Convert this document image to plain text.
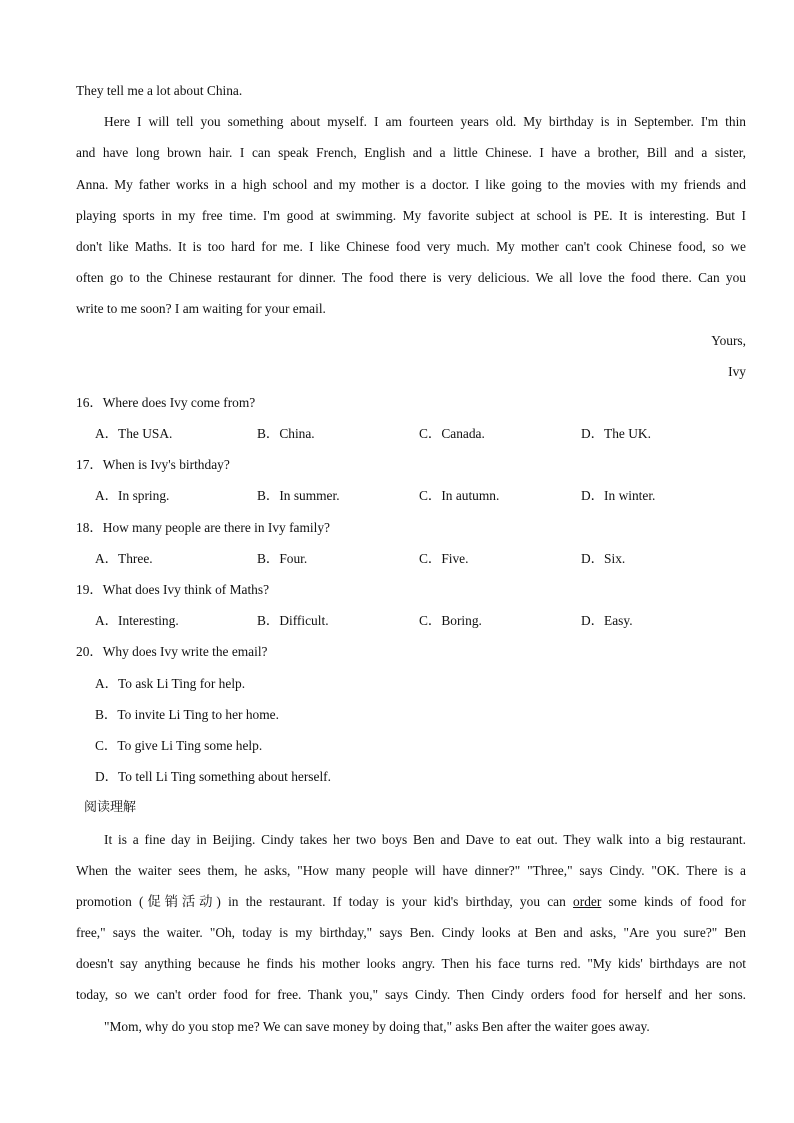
They tell me a lot about China.
Here I will tell you something about myself. I am fourteen years old. My birthday is in September. I'm thin
and have long brown hair. I can speak French, English and a little Chinese. I have a brother, Bill and a sister,
Anna. My father works in a high school and my mother is a doctor. I like going to the movies with my friends and
playing sports in my free time. I'm good at swimming. My favorite subject at school is PE. It is interesting. But I
don't like Maths. It is too hard for me. I like Chinese food very much. My mother can't cook Chinese food, so we
often go to the Chinese restaurant for dinner. The food there is very delicious. We all love the food there. Can you
write to me soon? I am waiting for your email.
Yours,
Ivy
16．Where does Ivy come from?
A．The USA.	B．China.	C．Canada.	D．The UK.
17．When is Ivy's birthday?
A．In spring.	B．In summer.	C．In autumn.	D．In winter.
18．How many people are there in Ivy family?
A．Three.	B．Four.	C．Five.	D．Six.
19．What does Ivy think of Maths?
A．Interesting.	B．Difficult.	C．Boring.	D．Easy.
20．Why does Ivy write the email?
A．To ask Li Ting for help.
B．To invite Li Ting to her home.
C．To give Li Ting some help.
D．To tell Li Ting something about herself.
阅读理解
It is a fine day in Beijing. Cindy takes her two boys Ben and Dave to eat out. They walk into a big restaurant.
When the waiter sees them, he asks, "How many people will have dinner?" "Three," says Cindy. "OK. There is a
promotion (促销活动) in the restaurant. If today is your kid's birthday, you can order some kinds of food for
free," says the waiter. "Oh, today is my birthday," says Ben. Cindy looks at Ben and asks, "Are you sure?" Ben
doesn't say anything because he finds his mother looks angry. Then his face turns red. "My kids' birthdays are not
today, so we can't order food for free. Thank you," says Cindy. Then Cindy orders food for herself and her sons.
"Mom, why do you stop me? We can save money by doing that," asks Ben after the waiter goes away.
